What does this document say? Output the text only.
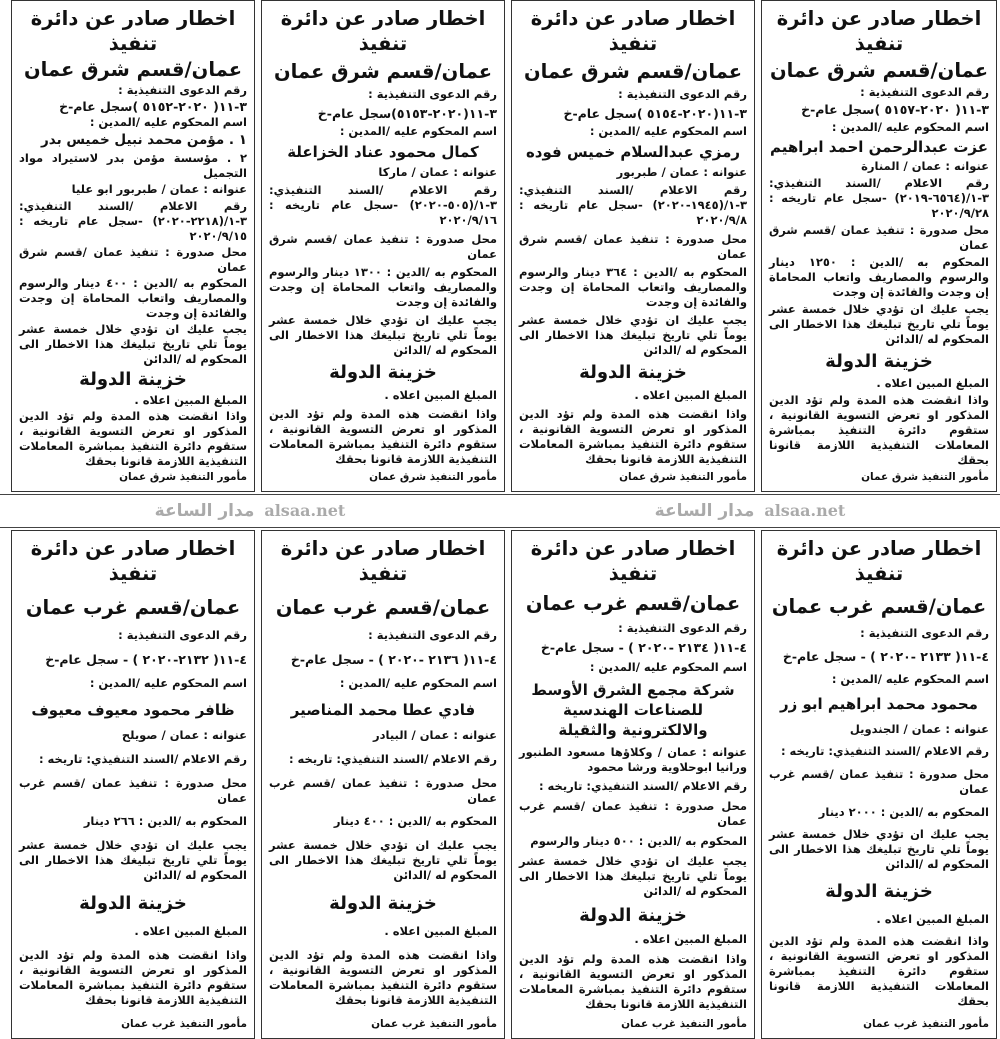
اخطار صادر عن دائرة تنفيذ
عمان/قسم شرق عمان
رقم الدعوى التنفيذية :
٣-١١( ٢٠٢٠-٥١٥٧ )سجل عام-خ
اسم المحكوم عليه /المدين :
عزت عبدالرحمن احمد ابراهيم
عنوانه : عمان / المنارة
رقم الاعلام /السند التنفيذي: ٣-١/(٦٥٦٤-٢٠١٩) -سجل عام تاريخه : ٢٠٢٠/٩/٢٨
محل صدورة : تنفيذ عمان /قسم شرق عمان
المحكوم به /الدين : ١٢٥٠ دينار والرسوم والمصاريف واتعاب المحاماة إن وجدت والفائدة إن وجدت
يجب عليك ان تؤدي خلال خمسة عشر يوماً تلي تاريخ تبليغك هذا الاخطار الى المحكوم له /الدائن
خزينة الدولة
المبلغ المبين اعلاه .
واذا انقضت هذه المدة ولم تؤد الدين المذكور او تعرض التسوية القانونية ، ستقوم دائرة التنفيذ بمباشرة المعاملات التنفيذية اللازمة قانونا بحقك
مأمور التنفيذ شرق عمان
اخطار صادر عن دائرة تنفيذ
عمان/قسم شرق عمان
رقم الدعوى التنفيذية :
٣-١١(٢٠٢٠-٥١٥٤ )سجل عام-خ
اسم المحكوم عليه /المدين :
رمزي عبدالسلام خميس فوده
عنوانه : عمان / طبربور
رقم الاعلام /السند التنفيذي: ٣-١/(١٩٤٥-٢٠٢٠) -سجل عام تاريخه : ٢٠٢٠/٩/٨
محل صدورة : تنفيذ عمان /قسم شرق عمان
المحكوم به /الدين : ٣٦٤ دينار والرسوم والمصاريف واتعاب المحاماة إن وجدت والفائدة إن وجدت
يجب عليك ان تؤدي خلال خمسة عشر يوماً تلي تاريخ تبليغك هذا الاخطار الى المحكوم له /الدائن
خزينة الدولة
المبلغ المبين اعلاه .
واذا انقضت هذه المدة ولم تؤد الدين المذكور او تعرض التسوية القانونية ، ستقوم دائرة التنفيذ بمباشرة المعاملات التنفيذية اللازمة قانونا بحقك
مأمور التنفيذ شرق عمان
اخطار صادر عن دائرة تنفيذ
عمان/قسم شرق عمان
رقم الدعوى التنفيذية :
٣-١١(٢٠٢٠-٥١٥٣)سجل عام-خ
اسم المحكوم عليه /المدين :
كمال محمود عناد الخزاعلة
عنوانه : عمان / ماركا
رقم الاعلام /السند التنفيذي: ٣-١/(٥٠٥-٢٠٢٠) -سجل عام تاريخه : ٢٠٢٠/٩/١٦
محل صدورة : تنفيذ عمان /قسم شرق عمان
المحكوم به /الدين : ١٣٠٠ دينار والرسوم والمصاريف واتعاب المحاماة إن وجدت والفائدة إن وجدت
يجب عليك ان تؤدي خلال خمسة عشر يوماً تلي تاريخ تبليغك هذا الاخطار الى المحكوم له /الدائن
خزينة الدولة
المبلغ المبين اعلاه .
واذا انقضت هذه المدة ولم تؤد الدين المذكور او تعرض التسوية القانونية ، ستقوم دائرة التنفيذ بمباشرة المعاملات التنفيذية اللازمة قانونا بحقك
مأمور التنفيذ شرق عمان
اخطار صادر عن دائرة تنفيذ
عمان/قسم شرق عمان
رقم الدعوى التنفيذية :
٣-١١( ٢٠٢٠-٥١٥٢ )سجل عام-خ
اسم المحكوم عليه /المدين :
١ . مؤمن محمد نبيل خميس بدر
٢ . مؤسسة مؤمن بدر لاستيراد مواد التجميل
عنوانه : عمان / طبربور ابو عليا
رقم الاعلام /السند التنفيذي: ٣-١/(٢٢١٨-٢٠٢٠) -سجل عام تاريخه : ٢٠٢٠/٩/١٥
محل صدورة : تنفيذ عمان /قسم شرق عمان
المحكوم به /الدين : ٤٠٠ دينار والرسوم والمصاريف واتعاب المحاماة إن وجدت والفائدة إن وجدت
يجب عليك ان تؤدي خلال خمسة عشر يوماً تلي تاريخ تبليغك هذا الاخطار الى المحكوم له /الدائن
خزينة الدولة
المبلغ المبين اعلاه .
واذا انقضت هذه المدة ولم تؤد الدين المذكور او تعرض التسوية القانونية ، ستقوم دائرة التنفيذ بمباشرة المعاملات التنفيذية اللازمة قانونا بحقك
مأمور التنفيذ شرق عمان
مدار الساعة alsaa.net	مدار الساعة alsaa.net
اخطار صادر عن دائرة تنفيذ
عمان/قسم غرب عمان
رقم الدعوى التنفيذية :
٤-١١( ٢١٣٣ -٢٠٢٠ ) - سجل عام-خ
اسم المحكوم عليه /المدين :
محمود محمد ابراهيم ابو زر
عنوانه : عمان / الجندويل
رقم الاعلام /السند التنفيذي: تاريخه :
محل صدورة : تنفيذ عمان /قسم غرب عمان
المحكوم به /الدين : ٢٠٠٠ دينار
يجب عليك ان تؤدي خلال خمسة عشر يوماً تلي تاريخ تبليغك هذا الاخطار الى المحكوم له /الدائن
خزينة الدولة
المبلغ المبين اعلاه .
واذا انقضت هذه المدة ولم تؤد الدين المذكور او تعرض التسوية القانونية ، ستقوم دائرة التنفيذ بمباشرة المعاملات التنفيذية اللازمة قانونا بحقك
مأمور التنفيذ غرب عمان
اخطار صادر عن دائرة تنفيذ
عمان/قسم غرب عمان
رقم الدعوى التنفيذية :
٤-١١( ٢١٣٤ -٢٠٢٠ ) - سجل عام-خ
اسم المحكوم عليه /المدين :
شركة مجمع الشرق الأوسط للصناعات الهندسية والالكترونية والثقيلة
عنوانه : عمان / وكلاؤها مسعود الطنبور ورانيا ابوحلاوية ورشا محمود
رقم الاعلام /السند التنفيذي: تاريخه :
محل صدورة : تنفيذ عمان /قسم غرب عمان
المحكوم به /الدين : ٥٠٠ دينار والرسوم
يجب عليك ان تؤدي خلال خمسة عشر يوماً تلي تاريخ تبليغك هذا الاخطار الى المحكوم له /الدائن
خزينة الدولة
المبلغ المبين اعلاه .
واذا انقضت هذه المدة ولم تؤد الدين المذكور او تعرض التسوية القانونية ، ستقوم دائرة التنفيذ بمباشرة المعاملات التنفيذية اللازمة قانونا بحقك
مأمور التنفيذ غرب عمان
اخطار صادر عن دائرة تنفيذ
عمان/قسم غرب عمان
رقم الدعوى التنفيذية :
٤-١١( ٢١٣٦ -٢٠٢٠ ) - سجل عام-خ
اسم المحكوم عليه /المدين :
فادي عطا محمد المناصير
عنوانه : عمان / البيادر
رقم الاعلام /السند التنفيذي: تاريخه :
محل صدورة : تنفيذ عمان /قسم غرب عمان
المحكوم به /الدين : ٤٠٠ دينار
يجب عليك ان تؤدي خلال خمسة عشر يوماً تلي تاريخ تبليغك هذا الاخطار الى المحكوم له /الدائن
خزينة الدولة
المبلغ المبين اعلاه .
واذا انقضت هذه المدة ولم تؤد الدين المذكور او تعرض التسوية القانونية ، ستقوم دائرة التنفيذ بمباشرة المعاملات التنفيذية اللازمة قانونا بحقك
مأمور التنفيذ غرب عمان
اخطار صادر عن دائرة تنفيذ
عمان/قسم غرب عمان
رقم الدعوى التنفيذية :
٤-١١( ٢١٣٢-٢٠٢٠ ) - سجل عام-خ
اسم المحكوم عليه /المدين :
ظافر محمود معيوف معيوف
عنوانه : عمان / صويلح
رقم الاعلام /السند التنفيذي: تاريخه :
محل صدورة : تنفيذ عمان /قسم غرب عمان
المحكوم به /الدين : ٢٦٦ دينار
يجب عليك ان تؤدي خلال خمسة عشر يوماً تلي تاريخ تبليغك هذا الاخطار الى المحكوم له /الدائن
خزينة الدولة
المبلغ المبين اعلاه .
واذا انقضت هذه المدة ولم تؤد الدين المذكور او تعرض التسوية القانونية ، ستقوم دائرة التنفيذ بمباشرة المعاملات التنفيذية اللازمة قانونا بحقك
مأمور التنفيذ غرب عمان
